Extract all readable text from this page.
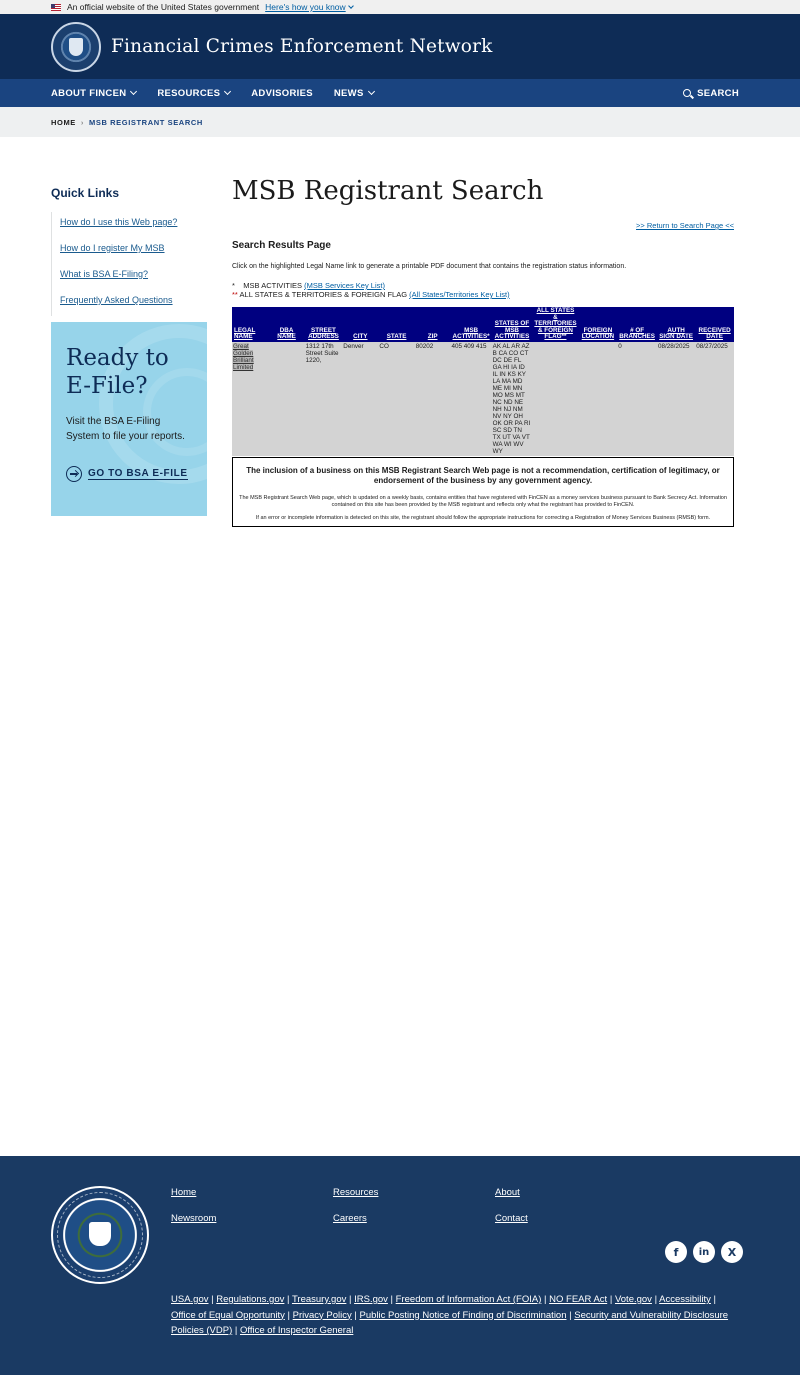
An official website of the United States government Here's how you know
Financial Crimes Enforcement Network
ABOUT FINCEN	RESOURCES	ADVISORIES NEWS	SEARCH
HOME › MSB REGISTRANT SEARCH
Quick Links
How do I use this Web page?
How do I register My MSB
What is BSA E-Filing?
Frequently Asked Questions
Ready to
E-File?
Visit the BSA E-Filing System to file your reports.
GO TO BSA E-FILE
MSB Registrant Search
>> Return to Search Page <<
Search Results Page
Click on the highlighted Legal Name link to generate a printable PDF document that contains the registration status information.
* MSB ACTIVITIES (MSB Services Key List)
** ALL STATES & TERRITORIES & FOREIGN FLAG (All States/Territories Key List)
LEGAL NAME	DBA NAME	STREET ADDRESS	CITY	STATE	ZIP	MSB ACTIVITIES*	STATES OF MSB ACTIVITIES	ALL STATES & TERRITORIES & FOREIGN FLAG**	FOREIGN LOCATION	# OF BRANCHES	AUTH SIGN DATE	RECEIVED DATE
Great Golden Brilliant Limited		1312 17th Street Suite 1220,	Denver	CO	80202	405 409 415	AK AL AR AZ B CA CO CT DC DE FL GA HI IA ID IL IN KS KY LA MA MD ME MI MN MO MS MT NC ND NE NH NJ NM NV NY OH OK OR PA RI SC SD TN TX UT VA VT WA WI WV WY			0	08/28/2025	08/27/2025
The inclusion of a business on this MSB Registrant Search Web page is not a recommendation, certification of legitimacy, or endorsement of the business by any government agency.
The MSB Registrant Search Web page, which is updated on a weekly basis, contains entities that have registered with FinCEN as a money services business pursuant to Bank Secrecy Act. Information contained on this site has been provided by the MSB registrant and reflects only what the registrant has provided to FinCEN.
If an error or incomplete information is detected on this site, the registrant should follow the appropriate instructions for correcting a Registration of Money Services Business (RMSB) form.
Home	Resources	About
Newsroom	Careers	Contact
f	in	X
USA.gov | Regulations.gov | Treasury.gov | IRS.gov | Freedom of Information Act (FOIA) | NO FEAR Act | Vote.gov | Accessibility | Office of Equal Opportunity | Privacy Policy | Public Posting Notice of Finding of Discrimination | Security and Vulnerability Disclosure Policies (VDP) | Office of Inspector General
